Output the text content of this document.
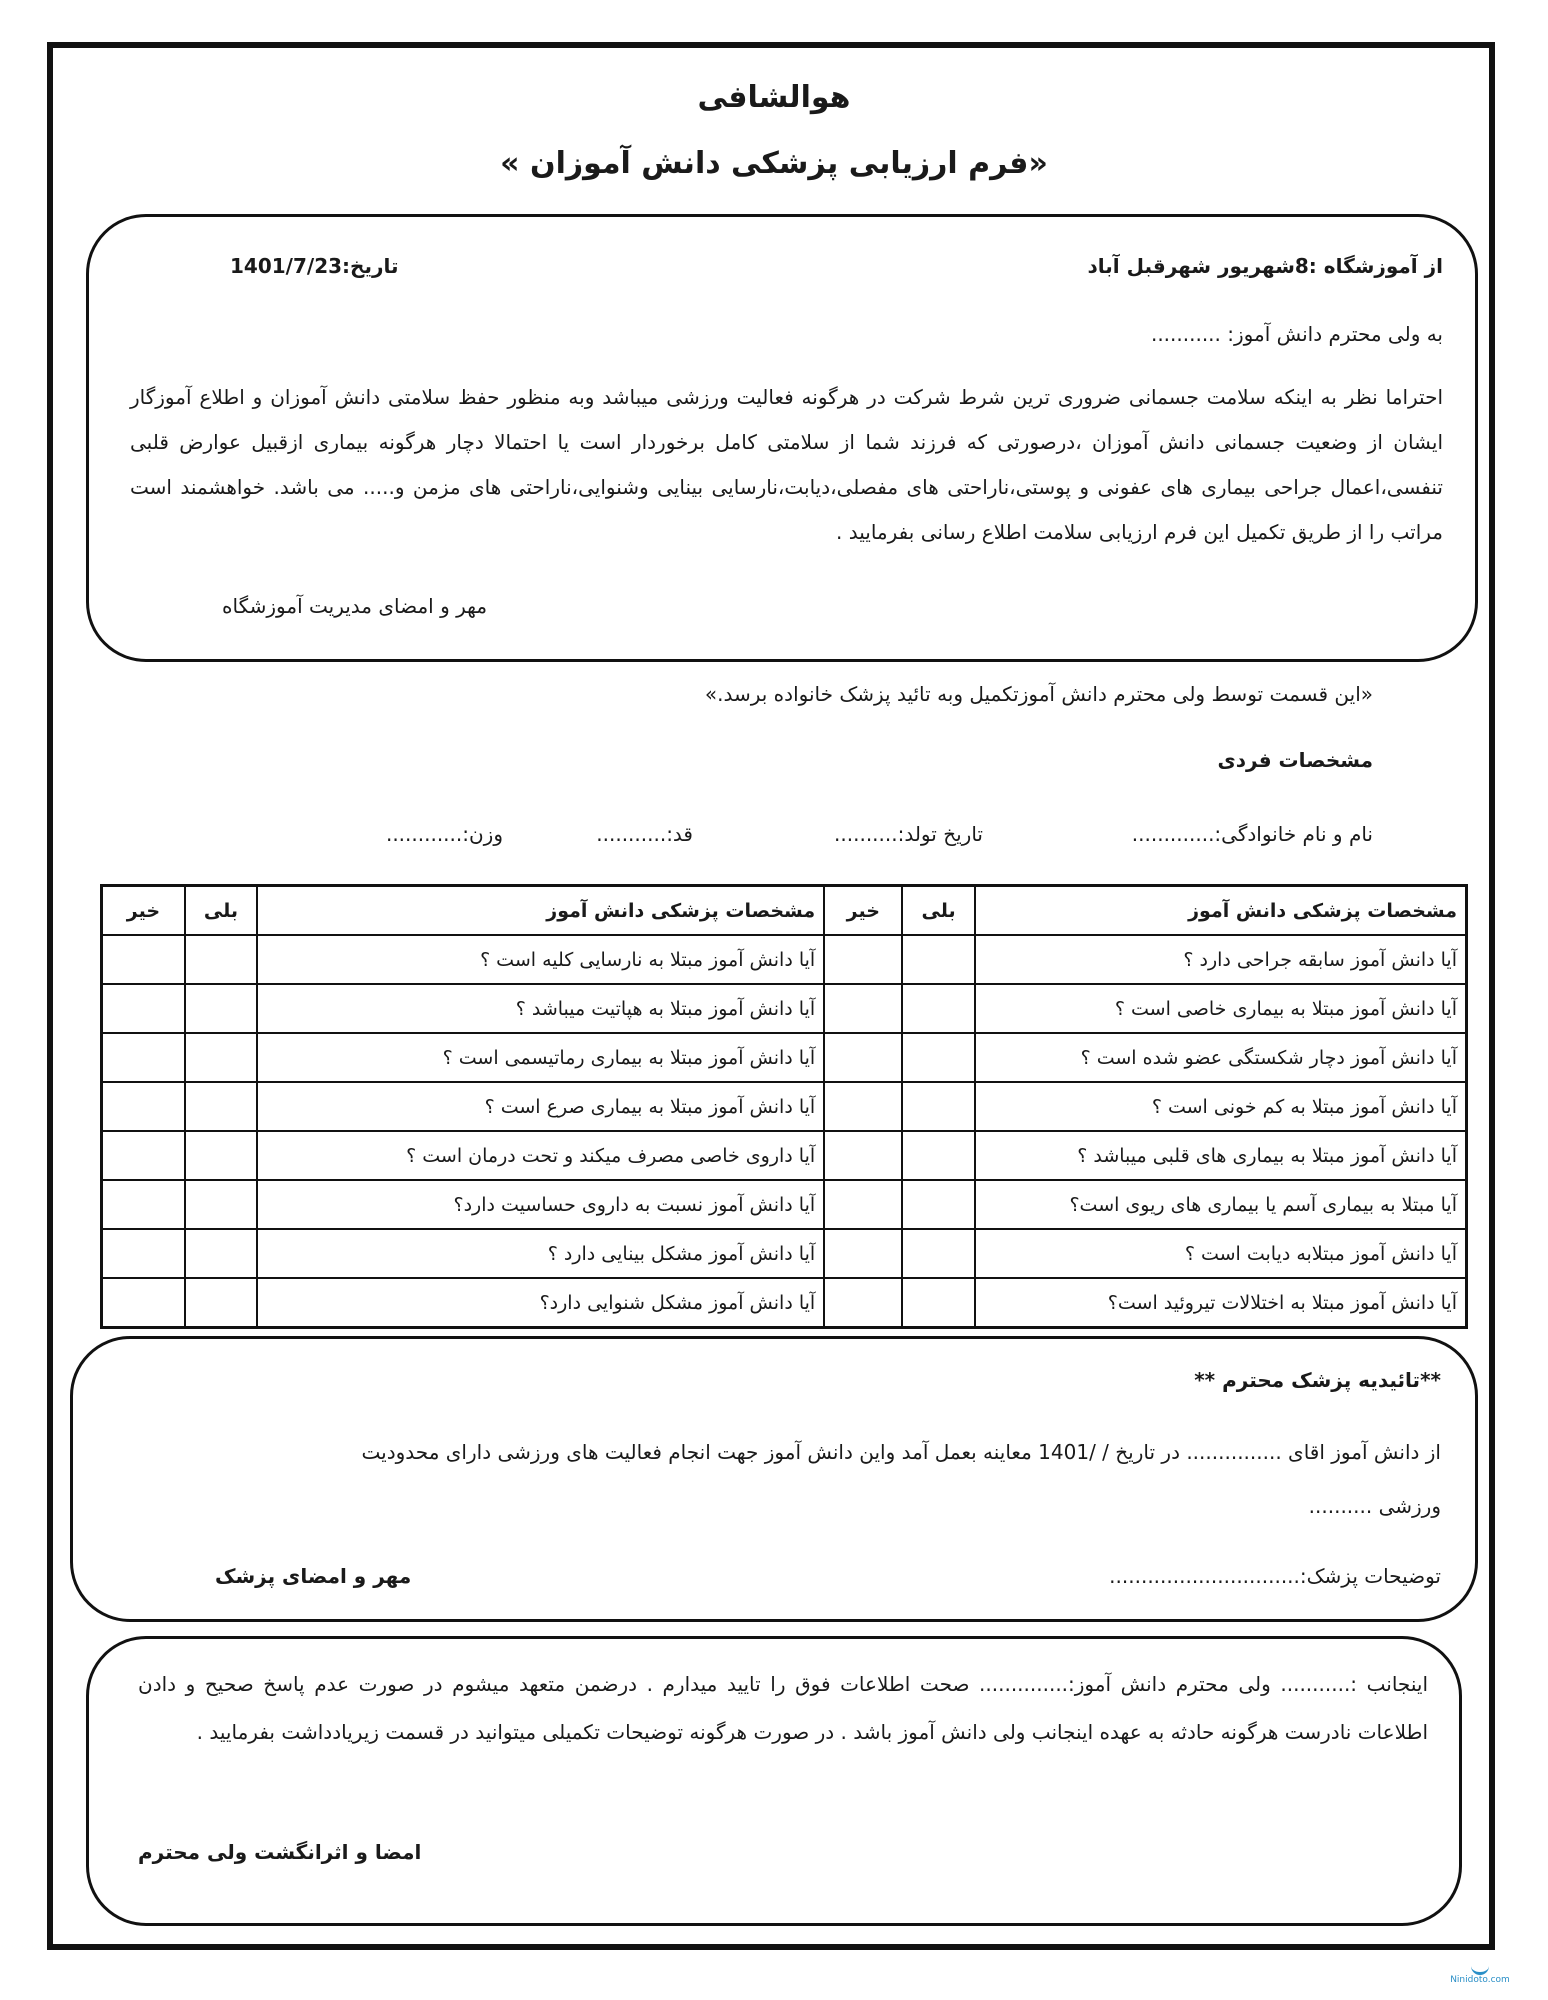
هوالشافی
«فرم ارزیابی پزشکی دانش آموزان »
از آموزشگاه :8شهریور شهرقبل آباد
تاریخ:1401/7/23
به ولی محترم دانش آموز: ...........
احتراما نظر به اینکه سلامت جسمانی ضروری ترین شرط شرکت در هرگونه فعالیت ورزشی میباشد وبه منظور حفظ سلامتی دانش آموزان و اطلاع آموزگار ایشان از وضعیت جسمانی دانش آموزان ،درصورتی که فرزند شما از سلامتی کامل برخوردار است یا احتمالا دچار هرگونه بیماری ازقبیل عوارض قلبی تنفسی،اعمال جراحی بیماری های عفونی و پوستی،ناراحتی های مفصلی،دیابت،نارسایی بینایی وشنوایی،ناراحتی های مزمن و..... می باشد. خواهشمند است مراتب را از طریق تکمیل این فرم ارزیابی سلامت اطلاع رسانی بفرمایید .
مهر و امضای مدیریت آموزشگاه
«این قسمت توسط ولی محترم دانش آموزتکمیل وبه تائید پزشک خانواده برسد.»
مشخصات فردی
نام و نام خانوادگی:.............
تاریخ تولد:..........
قد:...........
وزن:............
مشخصات پزشکی دانش آموز	بلی	خیر	مشخصات پزشکی دانش آموز	بلی	خیر
آیا دانش آموز سابقه جراحی دارد ؟			آیا دانش آموز مبتلا به نارسایی کلیه است ؟		
آیا دانش آموز مبتلا به بیماری خاصی است ؟			آیا دانش آموز مبتلا به هپاتیت میباشد ؟		
آیا دانش آموز دچار شکستگی عضو شده است ؟			آیا دانش آموز مبتلا به بیماری رماتیسمی است ؟		
آیا دانش آموز مبتلا به کم خونی است ؟			آیا دانش آموز مبتلا به بیماری صرع است ؟		
آیا دانش آموز مبتلا به بیماری های قلبی میباشد ؟			آیا داروی خاصی مصرف میکند و تحت درمان است ؟		
آیا مبتلا به بیماری آسم یا بیماری های ریوی است؟			آیا دانش آموز نسبت به داروی حساسیت دارد؟		
آیا دانش آموز مبتلابه دیابت است ؟			آیا دانش آموز مشکل بینایی دارد ؟		
آیا دانش آموز مبتلا به اختلالات تیروئید است؟			آیا دانش آموز مشکل شنوایی دارد؟		
**تائیدیه پزشک محترم **
از دانش آموز اقای ............... در تاریخ / /1401 معاینه بعمل آمد واین دانش آموز جهت انجام فعالیت های ورزشی دارای محدودیت
ورزشی ..........
توضیحات پزشک:..............................
مهر و امضای پزشک
اینجانب :........... ولی محترم دانش آموز:.............. صحت اطلاعات فوق را تایید میدارم . درضمن متعهد میشوم در صورت عدم پاسخ صحیح و دادن اطلاعات نادرست هرگونه حادثه به عهده اینجانب ولی دانش آموز باشد . در صورت هرگونه توضیحات تکمیلی میتوانید در قسمت زیریادداشت بفرمایید .
امضا و اثرانگشت ولی محترم
Ninidoto.com
